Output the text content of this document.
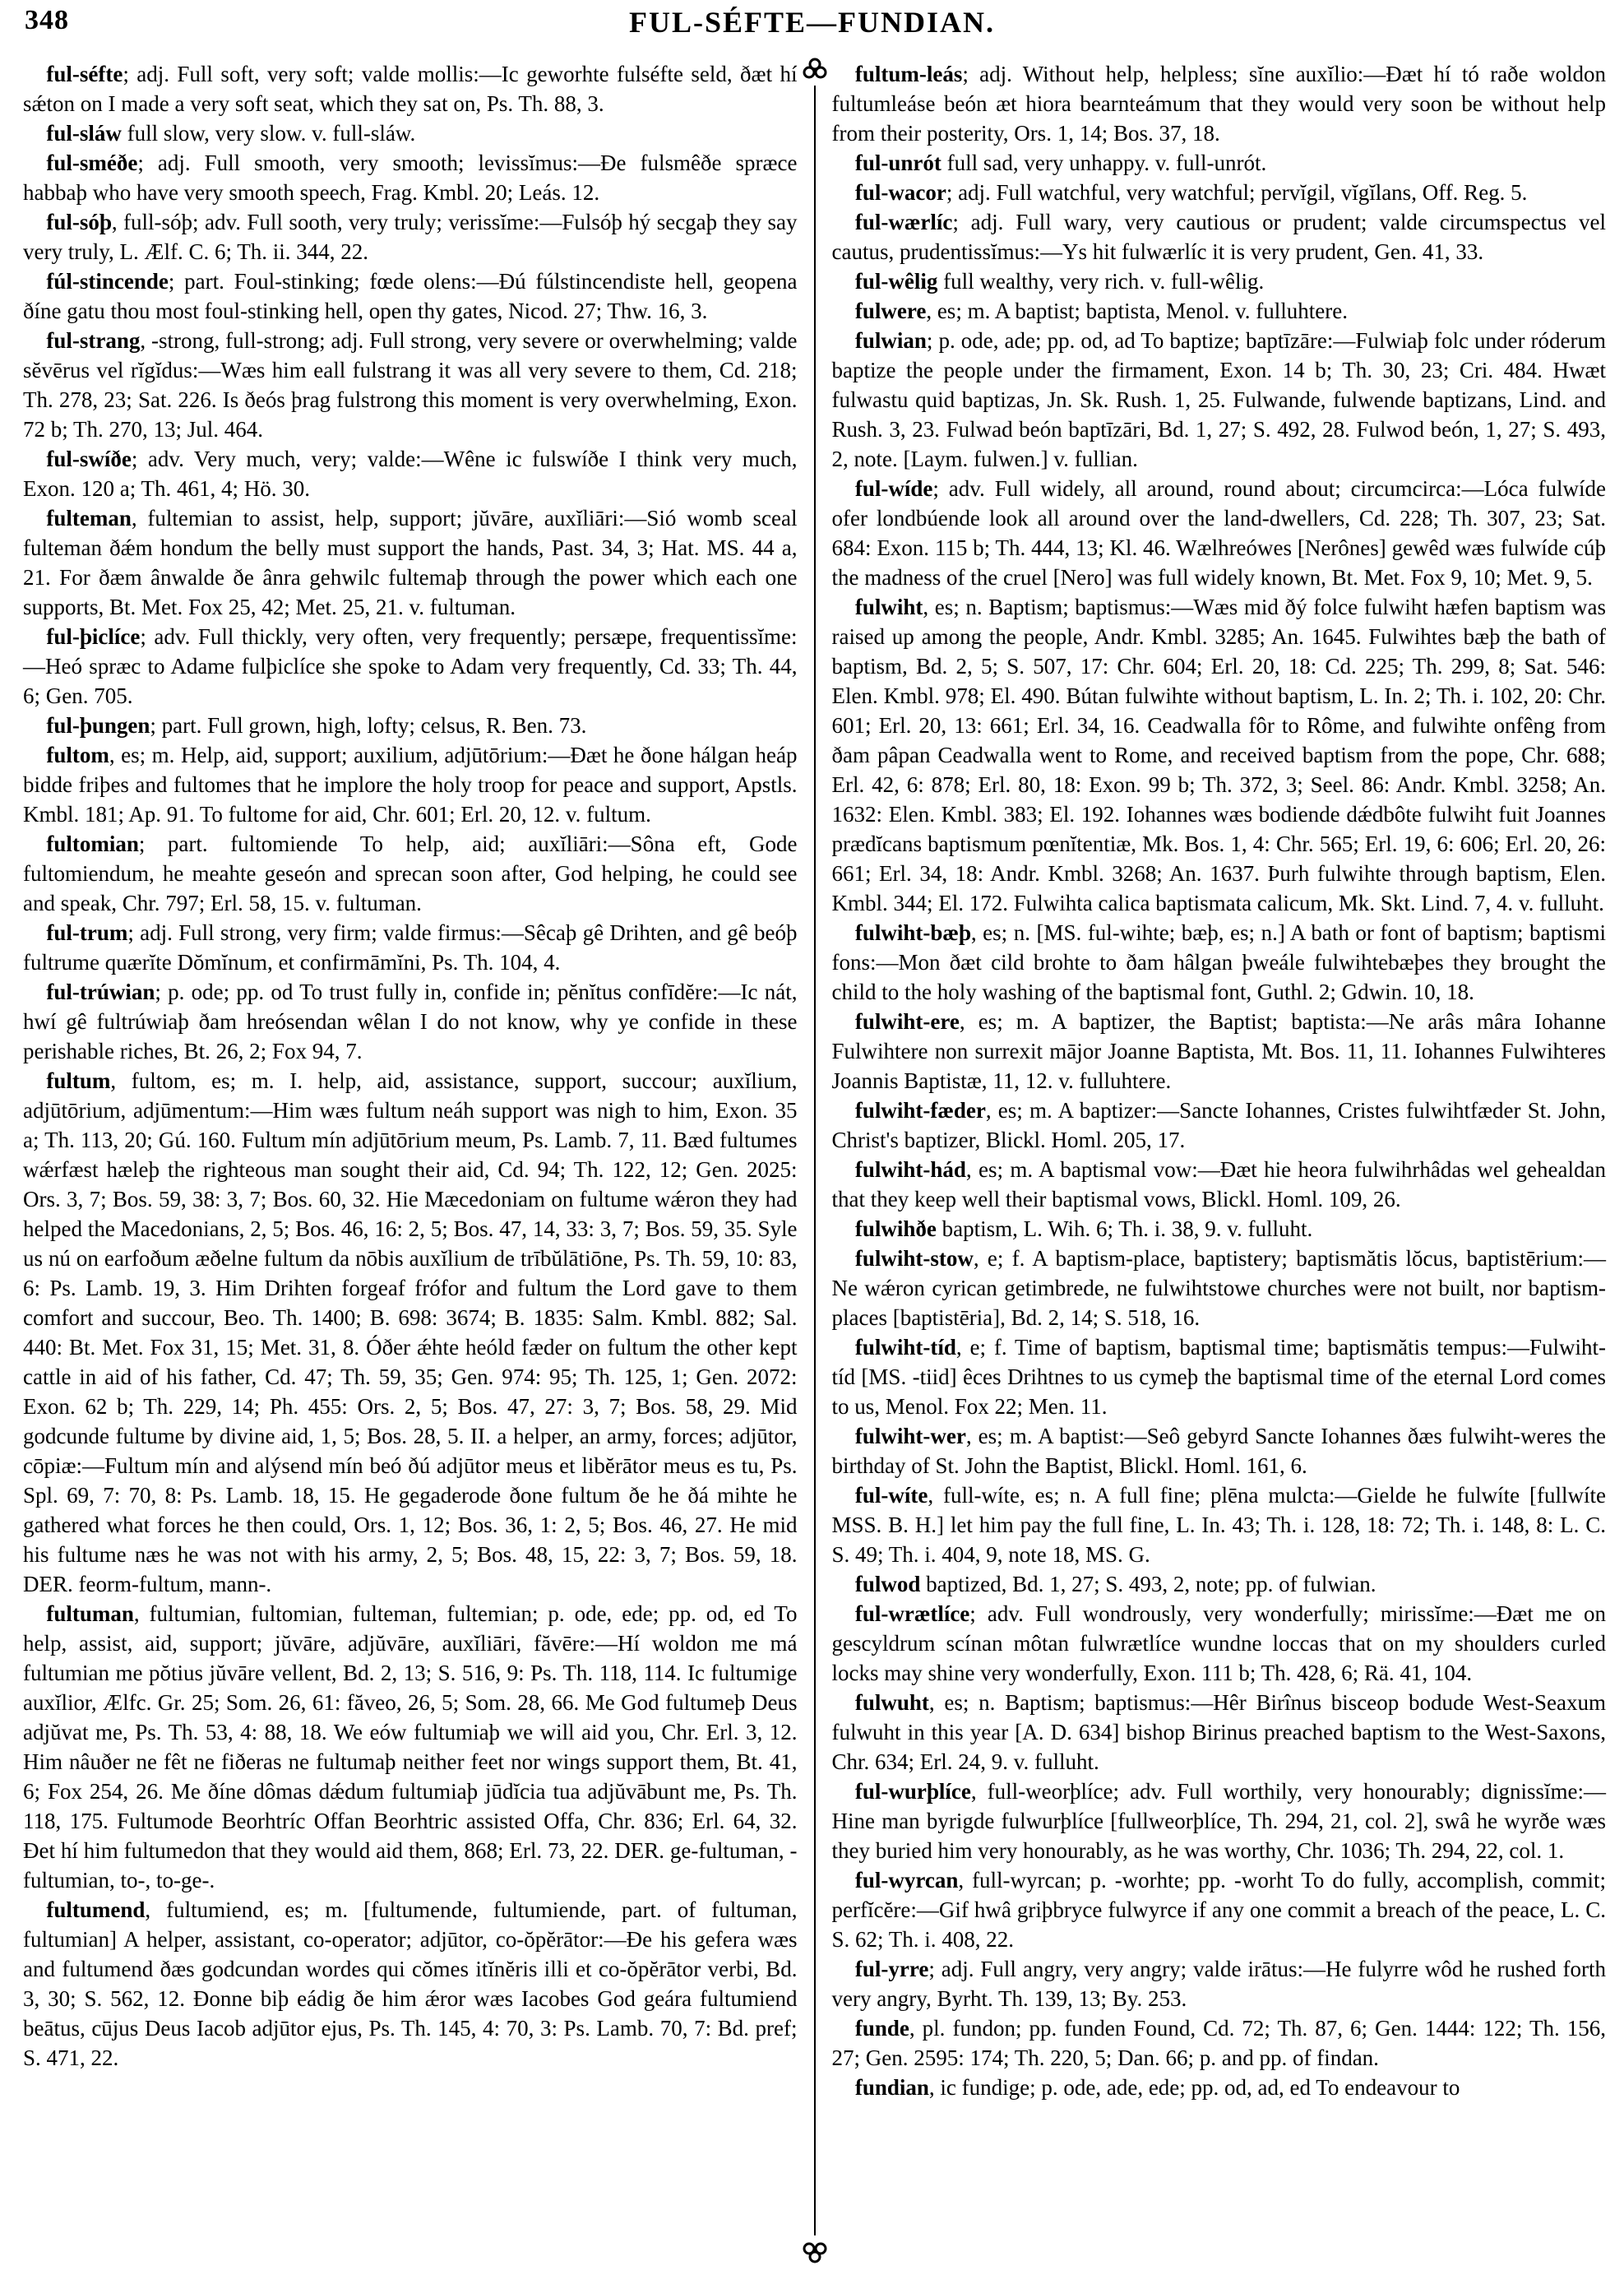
348	FUL-SÉFTE—FUNDIAN.

ful-séfte; adj. Full soft, very soft; valde mollis:—Ic geworhte fulséfte seld, ðæt hí sǽton on I made a very soft seat, which they sat on, Ps. Th. 88, 3.

ful-sláw full slow, very slow. v. full-sláw.

ful-sméðe; adj. Full smooth, very smooth; levissĭmus:—Ðe fulsmêðe spræce habbaþ who have very smooth speech, Frag. Kmbl. 20; Leás. 12.

ful-sóþ, full-sóþ; adv. Full sooth, very truly; verissĭme:—Fulsóþ hý secgaþ they say very truly, L. Ælf. C. 6; Th. ii. 344, 22.

fúl-stincende; part. Foul-stinking; fœde olens:—Ðú fúlstincendiste hell, geopena ðíne gatu thou most foul-stinking hell, open thy gates, Nicod. 27; Thw. 16, 3.

ful-strang, -strong, full-strong; adj. Full strong, very severe or overwhelming; valde sĕvērus vel rĭgĭdus:—Wæs him eall fulstrang it was all very severe to them, Cd. 218; Th. 278, 23; Sat. 226. Is ðeós þrag fulstrong this moment is very overwhelming, Exon. 72 b; Th. 270, 13; Jul. 464.

ful-swíðe; adv. Very much, very; valde:—Wêne ic fulswíðe I think very much, Exon. 120 a; Th. 461, 4; Hö. 30.

fulteman, fultemian to assist, help, support; jŭvāre, auxĭliāri:—Sió womb sceal fulteman ðǽm hondum the belly must support the hands, Past. 34, 3; Hat. MS. 44 a, 21. For ðæm ânwalde ðe ânra gehwilc fultemaþ through the power which each one supports, Bt. Met. Fox 25, 42; Met. 25, 21. v. fultuman.

ful-þiclíce; adv. Full thickly, very often, very frequently; persæpe, frequentissĭme:—Heó spræc to Adame fulþiclíce she spoke to Adam very frequently, Cd. 33; Th. 44, 6; Gen. 705.

ful-þungen; part. Full grown, high, lofty; celsus, R. Ben. 73.

fultom, es; m. Help, aid, support; auxilium, adjūtōrium:—Ðæt he ðone hálgan heáp bidde friþes and fultomes that he implore the holy troop for peace and support, Apstls. Kmbl. 181; Ap. 91. To fultome for aid, Chr. 601; Erl. 20, 12. v. fultum.

fultomian; part. fultomiende To help, aid; auxĭliāri:—Sôna eft, Gode fultomiendum, he meahte geseón and sprecan soon after, God helping, he could see and speak, Chr. 797; Erl. 58, 15. v. fultuman.

ful-trum; adj. Full strong, very firm; valde firmus:—Sêcaþ gê Drihten, and gê beóþ fultrume quærĭte Dŏmĭnum, et confirmāmĭni, Ps. Th. 104, 4.

ful-trúwian; p. ode; pp. od To trust fully in, confide in; pĕnĭtus confīdĕre:—Ic nát, hwí gê fultrúwiaþ ðam hreósendan wêlan I do not know, why ye confide in these perishable riches, Bt. 26, 2; Fox 94, 7.

fultum, fultom, es; m. I. help, aid, assistance, support, succour; auxĭlium, adjūtōrium, adjūmentum:—Him wæs fultum neáh support was nigh to him, Exon. 35 a; Th. 113, 20; Gú. 160. Fultum mín adjūtōrium meum, Ps. Lamb. 7, 11. Bæd fultumes wǽrfæst hæleþ the righteous man sought their aid, Cd. 94; Th. 122, 12; Gen. 2025: Ors. 3, 7; Bos. 59, 38: 3, 7; Bos. 60, 32. Hie Mæcedoniam on fultume wǽron they had helped the Macedonians, 2, 5; Bos. 46, 16: 2, 5; Bos. 47, 14, 33: 3, 7; Bos. 59, 35. Syle us nú on earfoðum æðelne fultum da nōbis auxĭlium de trībŭlātiōne, Ps. Th. 59, 10: 83, 6: Ps. Lamb. 19, 3. Him Drihten forgeaf frófor and fultum the Lord gave to them comfort and succour, Beo. Th. 1400; B. 698: 3674; B. 1835: Salm. Kmbl. 882; Sal. 440: Bt. Met. Fox 31, 15; Met. 31, 8. Óðer ǽhte heóld fæder on fultum the other kept cattle in aid of his father, Cd. 47; Th. 59, 35; Gen. 974: 95; Th. 125, 1; Gen. 2072: Exon. 62 b; Th. 229, 14; Ph. 455: Ors. 2, 5; Bos. 47, 27: 3, 7; Bos. 58, 29. Mid godcunde fultume by divine aid, 1, 5; Bos. 28, 5. II. a helper, an army, forces; adjūtor, cōpiæ:—Fultum mín and alýsend mín beó ðú adjūtor meus et libĕrātor meus es tu, Ps. Spl. 69, 7: 70, 8: Ps. Lamb. 18, 15. He gegaderode ðone fultum ðe he ðá mihte he gathered what forces he then could, Ors. 1, 12; Bos. 36, 1: 2, 5; Bos. 46, 27. He mid his fultume næs he was not with his army, 2, 5; Bos. 48, 15, 22: 3, 7; Bos. 59, 18. DER. feorm-fultum, mann-.

fultuman, fultumian, fultomian, fulteman, fultemian; p. ode, ede; pp. od, ed To help, assist, aid, support; jŭvāre, adjŭvāre, auxĭliāri, făvēre:—Hí woldon me má fultumian me pŏtius jŭvāre vellent, Bd. 2, 13; S. 516, 9: Ps. Th. 118, 114. Ic fultumige auxĭlior, Ælfc. Gr. 25; Som. 26, 61: făveo, 26, 5; Som. 28, 66. Me God fultumeþ Deus adjŭvat me, Ps. Th. 53, 4: 88, 18. We eów fultumiaþ we will aid you, Chr. Erl. 3, 12. Him nâuðer ne fêt ne fiðeras ne fultumaþ neither feet nor wings support them, Bt. 41, 6; Fox 254, 26. Me ðíne dômas dǽdum fultumiaþ jūdĭcia tua adjŭvābunt me, Ps. Th. 118, 175. Fultumode Beorhtríc Offan Beorhtric assisted Offa, Chr. 836; Erl. 64, 32. Ðet hí him fultumedon that they would aid them, 868; Erl. 73, 22. DER. ge-fultuman, -fultumian, to-, to-ge-.

fultumend, fultumiend, es; m. [fultumende, fultumiende, part. of fultuman, fultumian] A helper, assistant, co-operator; adjūtor, co-ŏpĕrātor:—Ðe his gefera wæs and fultumend ðæs godcundan wordes qui cŏmes itĭnĕris illi et co-ŏpĕrātor verbi, Bd. 3, 30; S. 562, 12. Ðonne biþ eádig ðe him ǽror wæs Iacobes God geára fultumiend beātus, cūjus Deus Iacob adjūtor ejus, Ps. Th. 145, 4: 70, 3: Ps. Lamb. 70, 7: Bd. pref; S. 471, 22.

fultum-leás; adj. Without help, helpless; sĭne auxĭlio:—Ðæt hí tó raðe woldon fultumleáse beón æt hiora bearnteámum that they would very soon be without help from their posterity, Ors. 1, 14; Bos. 37, 18.

ful-unrót full sad, very unhappy. v. full-unrót.

ful-wacor; adj. Full watchful, very watchful; pervĭgil, vĭgĭlans, Off. Reg. 5.

ful-wærlíc; adj. Full wary, very cautious or prudent; valde circumspectus vel cautus, prudentissĭmus:—Ys hit fulwærlíc it is very prudent, Gen. 41, 33.

ful-wêlig full wealthy, very rich. v. full-wêlig.

fulwere, es; m. A baptist; baptista, Menol. v. fulluhtere.

fulwian; p. ode, ade; pp. od, ad To baptize; baptīzāre:—Fulwiaþ folc under róderum baptize the people under the firmament, Exon. 14 b; Th. 30, 23; Cri. 484. Hwæt fulwastu quid baptizas, Jn. Sk. Rush. 1, 25. Fulwande, fulwende baptizans, Lind. and Rush. 3, 23. Fulwad beón baptīzāri, Bd. 1, 27; S. 492, 28. Fulwod beón, 1, 27; S. 493, 2, note. [Laym. fulwen.] v. fullian.

ful-wíde; adv. Full widely, all around, round about; circumcirca:—Lóca fulwíde ofer londbúende look all around over the land-dwellers, Cd. 228; Th. 307, 23; Sat. 684: Exon. 115 b; Th. 444, 13; Kl. 46. Wælhreówes [Nerônes] gewêd wæs fulwíde cúþ the madness of the cruel [Nero] was full widely known, Bt. Met. Fox 9, 10; Met. 9, 5.

fulwiht, es; n. Baptism; baptismus:—Wæs mid ðý folce fulwiht hæfen baptism was raised up among the people, Andr. Kmbl. 3285; An. 1645. Fulwihtes bæþ the bath of baptism, Bd. 2, 5; S. 507, 17: Chr. 604; Erl. 20, 18: Cd. 225; Th. 299, 8; Sat. 546: Elen. Kmbl. 978; El. 490. Bútan fulwihte without baptism, L. In. 2; Th. i. 102, 20: Chr. 601; Erl. 20, 13: 661; Erl. 34, 16. Ceadwalla fôr to Rôme, and fulwihte onfêng from ðam pâpan Ceadwalla went to Rome, and received baptism from the pope, Chr. 688; Erl. 42, 6: 878; Erl. 80, 18: Exon. 99 b; Th. 372, 3; Seel. 86: Andr. Kmbl. 3258; An. 1632: Elen. Kmbl. 383; El. 192. Iohannes wæs bodiende dǽdbôte fulwiht fuit Joannes prædĭcans baptismum pœnĭtentiæ, Mk. Bos. 1, 4: Chr. 565; Erl. 19, 6: 606; Erl. 20, 26: 661; Erl. 34, 18: Andr. Kmbl. 3268; An. 1637. Þurh fulwihte through baptism, Elen. Kmbl. 344; El. 172. Fulwihta calica baptismata calicum, Mk. Skt. Lind. 7, 4. v. fulluht.

fulwiht-bæþ, es; n. [MS. ful-wihte; bæþ, es; n.] A bath or font of baptism; baptismi fons:—Mon ðæt cild brohte to ðam hâlgan þweále fulwihtebæþes they brought the child to the holy washing of the baptismal font, Guthl. 2; Gdwin. 10, 18.

fulwiht-ere, es; m. A baptizer, the Baptist; baptista:—Ne arâs mâra Iohanne Fulwihtere non surrexit mājor Joanne Baptista, Mt. Bos. 11, 11. Iohannes Fulwihteres Joannis Baptistæ, 11, 12. v. fulluhtere.

fulwiht-fæder, es; m. A baptizer:—Sancte Iohannes, Cristes fulwihtfæder St. John, Christ's baptizer, Blickl. Homl. 205, 17.

fulwiht-hád, es; m. A baptismal vow:—Ðæt hie heora fulwihrhâdas wel gehealdan that they keep well their baptismal vows, Blickl. Homl. 109, 26.

fulwihðe baptism, L. Wih. 6; Th. i. 38, 9. v. fulluht.

fulwiht-stow, e; f. A baptism-place, baptistery; baptismătis lŏcus, baptistērium:—Ne wǽron cyrican getimbrede, ne fulwihtstowe churches were not built, nor baptism-places [baptistēria], Bd. 2, 14; S. 518, 16.

fulwiht-tíd, e; f. Time of baptism, baptismal time; baptismătis tempus:—Fulwiht-tíd [MS. -tiid] êces Drihtnes to us cymeþ the baptismal time of the eternal Lord comes to us, Menol. Fox 22; Men. 11.

fulwiht-wer, es; m. A baptist:—Seô gebyrd Sancte Iohannes ðæs fulwiht-weres the birthday of St. John the Baptist, Blickl. Homl. 161, 6.

ful-wíte, full-wíte, es; n. A full fine; plēna mulcta:—Gielde he fulwíte [fullwíte MSS. B. H.] let him pay the full fine, L. In. 43; Th. i. 128, 18: 72; Th. i. 148, 8: L. C. S. 49; Th. i. 404, 9, note 18, MS. G.

fulwod baptized, Bd. 1, 27; S. 493, 2, note; pp. of fulwian.

ful-wrætlíce; adv. Full wondrously, very wonderfully; mirissĭme:—Ðæt me on gescyldrum scínan môtan fulwrætlíce wundne loccas that on my shoulders curled locks may shine very wonderfully, Exon. 111 b; Th. 428, 6; Rä. 41, 104.

fulwuht, es; n. Baptism; baptismus:—Hêr Birînus bisceop bodude West-Seaxum fulwuht in this year [A. D. 634] bishop Birinus preached baptism to the West-Saxons, Chr. 634; Erl. 24, 9. v. fulluht.

ful-wurþlíce, full-weorþlíce; adv. Full worthily, very honourably; dignissĭme:—Hine man byrigde fulwurþlíce [fullweorþlíce, Th. 294, 21, col. 2], swâ he wyrðe wæs they buried him very honourably, as he was worthy, Chr. 1036; Th. 294, 22, col. 1.

ful-wyrcan, full-wyrcan; p. -worhte; pp. -worht To do fully, accomplish, commit; perfĭcĕre:—Gif hwâ griþbryce fulwyrce if any one commit a breach of the peace, L. C. S. 62; Th. i. 408, 22.

ful-yrre; adj. Full angry, very angry; valde irātus:—He fulyrre wôd he rushed forth very angry, Byrht. Th. 139, 13; By. 253.

funde, pl. fundon; pp. funden Found, Cd. 72; Th. 87, 6; Gen. 1444: 122; Th. 156, 27; Gen. 2595: 174; Th. 220, 5; Dan. 66; p. and pp. of findan.

fundian, ic fundige; p. ode, ade, ede; pp. od, ad, ed To endeavour to
